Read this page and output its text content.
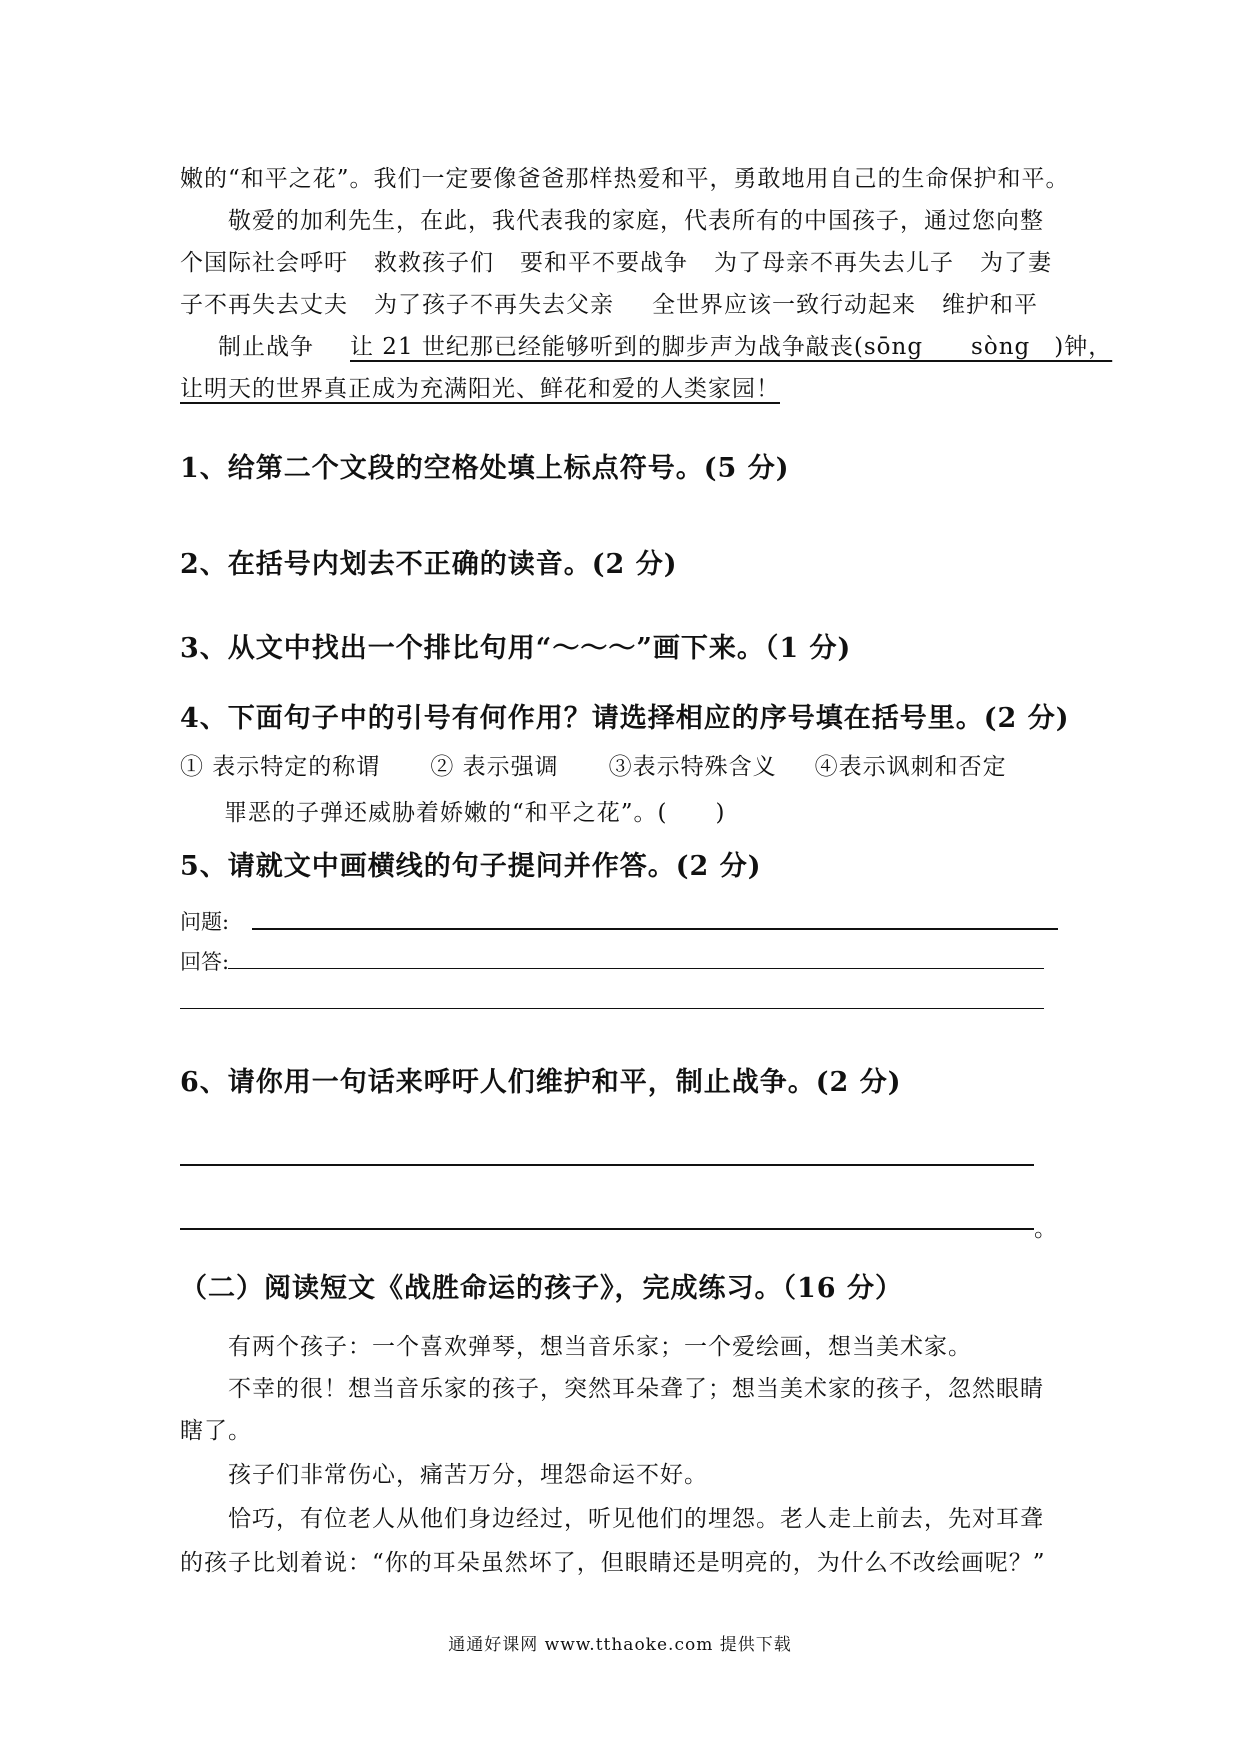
嫩的“和平之花”。我们一定要像爸爸那样热爱和平，勇敢地用自己的生命保护和平。
敬爱的加利先生，在此，我代表我的家庭，代表所有的中国孩子，通过您向整
个国际社会呼吁 救救孩子们 要和平不要战争 为了母亲不再失去儿子 为了妻
子不再失去丈夫 为了孩子不再失去父亲 全世界应该一致行动起来 维护和平
制止战争 让 21 世纪那已经能够听到的脚步声为战争敲丧(sōng　　sòng　)钟，
让明天的世界真正成为充满阳光、鲜花和爱的人类家园！
1、给第二个文段的空格处填上标点符号。(5 分)
2、在括号内划去不正确的读音。(2 分)
3、从文中找出一个排比句用“～～～”画下来。（1 分)
4、下面句子中的引号有何作用？请选择相应的序号填在括号里。(2 分)
① 表示特定的称谓 ② 表示强调 ③表示特殊含义 ④表示讽刺和否定
罪恶的子弹还威胁着娇嫩的“和平之花”。(　　)
5、请就文中画横线的句子提问并作答。(2 分)
问题:
回答:
6、请你用一句话来呼吁人们维护和平，制止战争。(2 分)
。
（二）阅读短文《战胜命运的孩子》，完成练习。（16 分）
有两个孩子：一个喜欢弹琴，想当音乐家；一个爱绘画，想当美术家。
不幸的很！想当音乐家的孩子，突然耳朵聋了；想当美术家的孩子，忽然眼睛
瞎了。
孩子们非常伤心，痛苦万分，埋怨命运不好。
恰巧，有位老人从他们身边经过，听见他们的埋怨。老人走上前去，先对耳聋
的孩子比划着说：“你的耳朵虽然坏了，但眼睛还是明亮的，为什么不改绘画呢？”
通通好课网 www.tthaoke.com 提供下载
